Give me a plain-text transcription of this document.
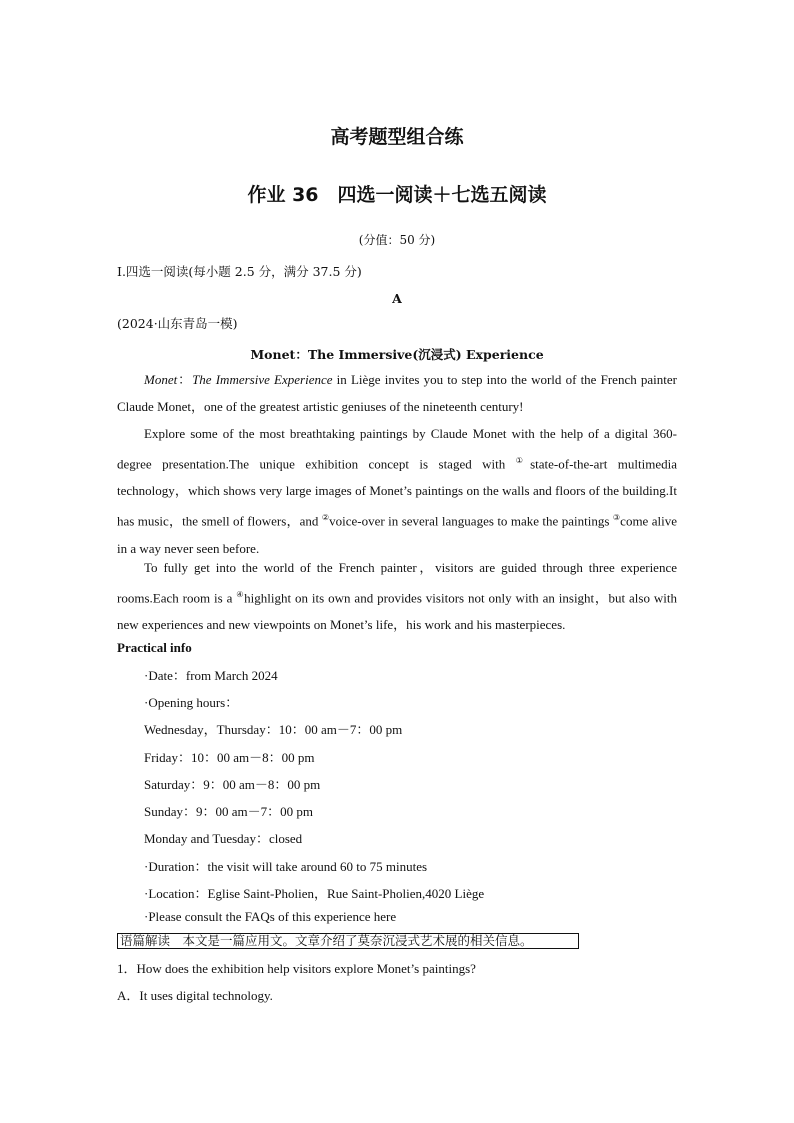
高考题型组合练
作业 36　四选一阅读＋七选五阅读
(分值：50 分)
Ⅰ.四选一阅读(每小题 2.5 分，满分 37.5 分)
A
(2024·山东青岛一模)
Monet：The Immersive(沉浸式) Experience

Monet：The Immersive Experience in Liège invites you to step into the world of the French painter Claude Monet，one of the greatest artistic geniuses of the nineteenth century!

Explore some of the most breathtaking paintings by Claude Monet with the help of a digital 360-degree presentation.The unique exhibition concept is staged with ①state-of-the-art multimedia technology，which shows very large images of Monet’s paintings on the walls and floors of the building.It has music，the smell of flowers，and ②voice-over in several languages to make the paintings ③come alive in a way never seen before.

To fully get into the world of the French painter，visitors are guided through three experience rooms.Each room is a ④highlight on its own and provides visitors not only with an insight，but also with new experiences and new viewpoints on Monet’s life，his work and his masterpieces.

Practical info
·Date：from March 2024
·Opening hours：
Wednesday，Thursday：10：00 am－7：00 pm
Friday：10：00 am－8：00 pm
Saturday：9：00 am－8：00 pm
Sunday：9：00 am－7：00 pm
Monday and Tuesday：closed
·Duration：the visit will take around 60 to 75 minutes
·Location：Eglise Saint-Pholien，Rue Saint-Pholien,4020 Liège
·Please consult the FAQs of this experience here
语篇解读　本文是一篇应用文。文章介绍了莫奈沉浸式艺术展的相关信息。
1．How does the exhibition help visitors explore Monet’s paintings?
A．It uses digital technology.
